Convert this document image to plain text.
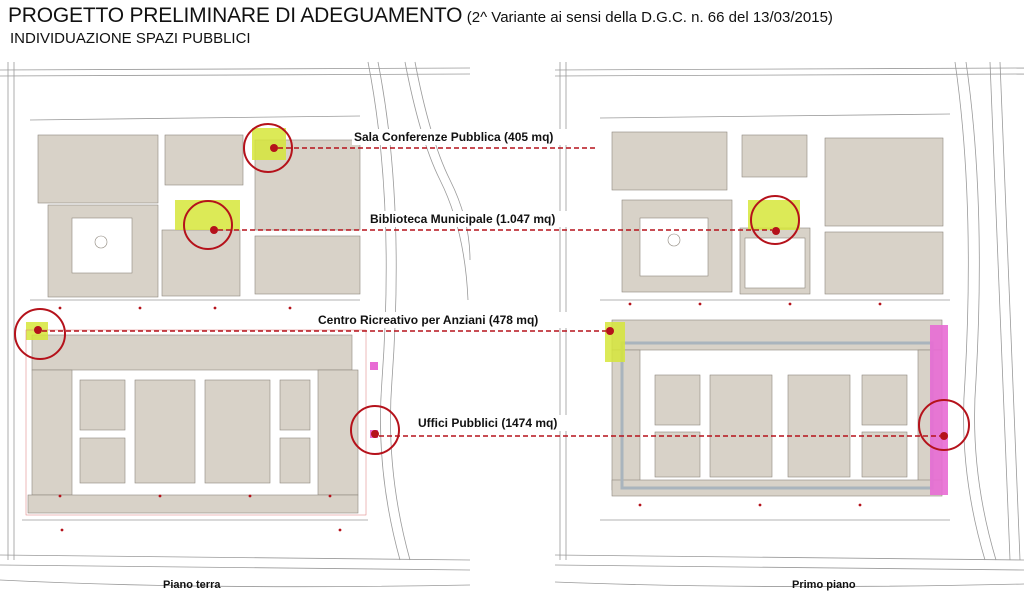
PROGETTO PRELIMINARE DI ADEGUAMENTO (2^ Variante ai sensi della D.G.C. n. 66 del 13/03/2015)
INDIVIDUAZIONE SPAZI PUBBLICI
Piano terra	Primo piano
Sala Conferenze Pubblica (405 mq)
Biblioteca Municipale (1.047 mq)
Centro Ricreativo per Anziani (478 mq)
Uffici Pubblici (1474 mq)
